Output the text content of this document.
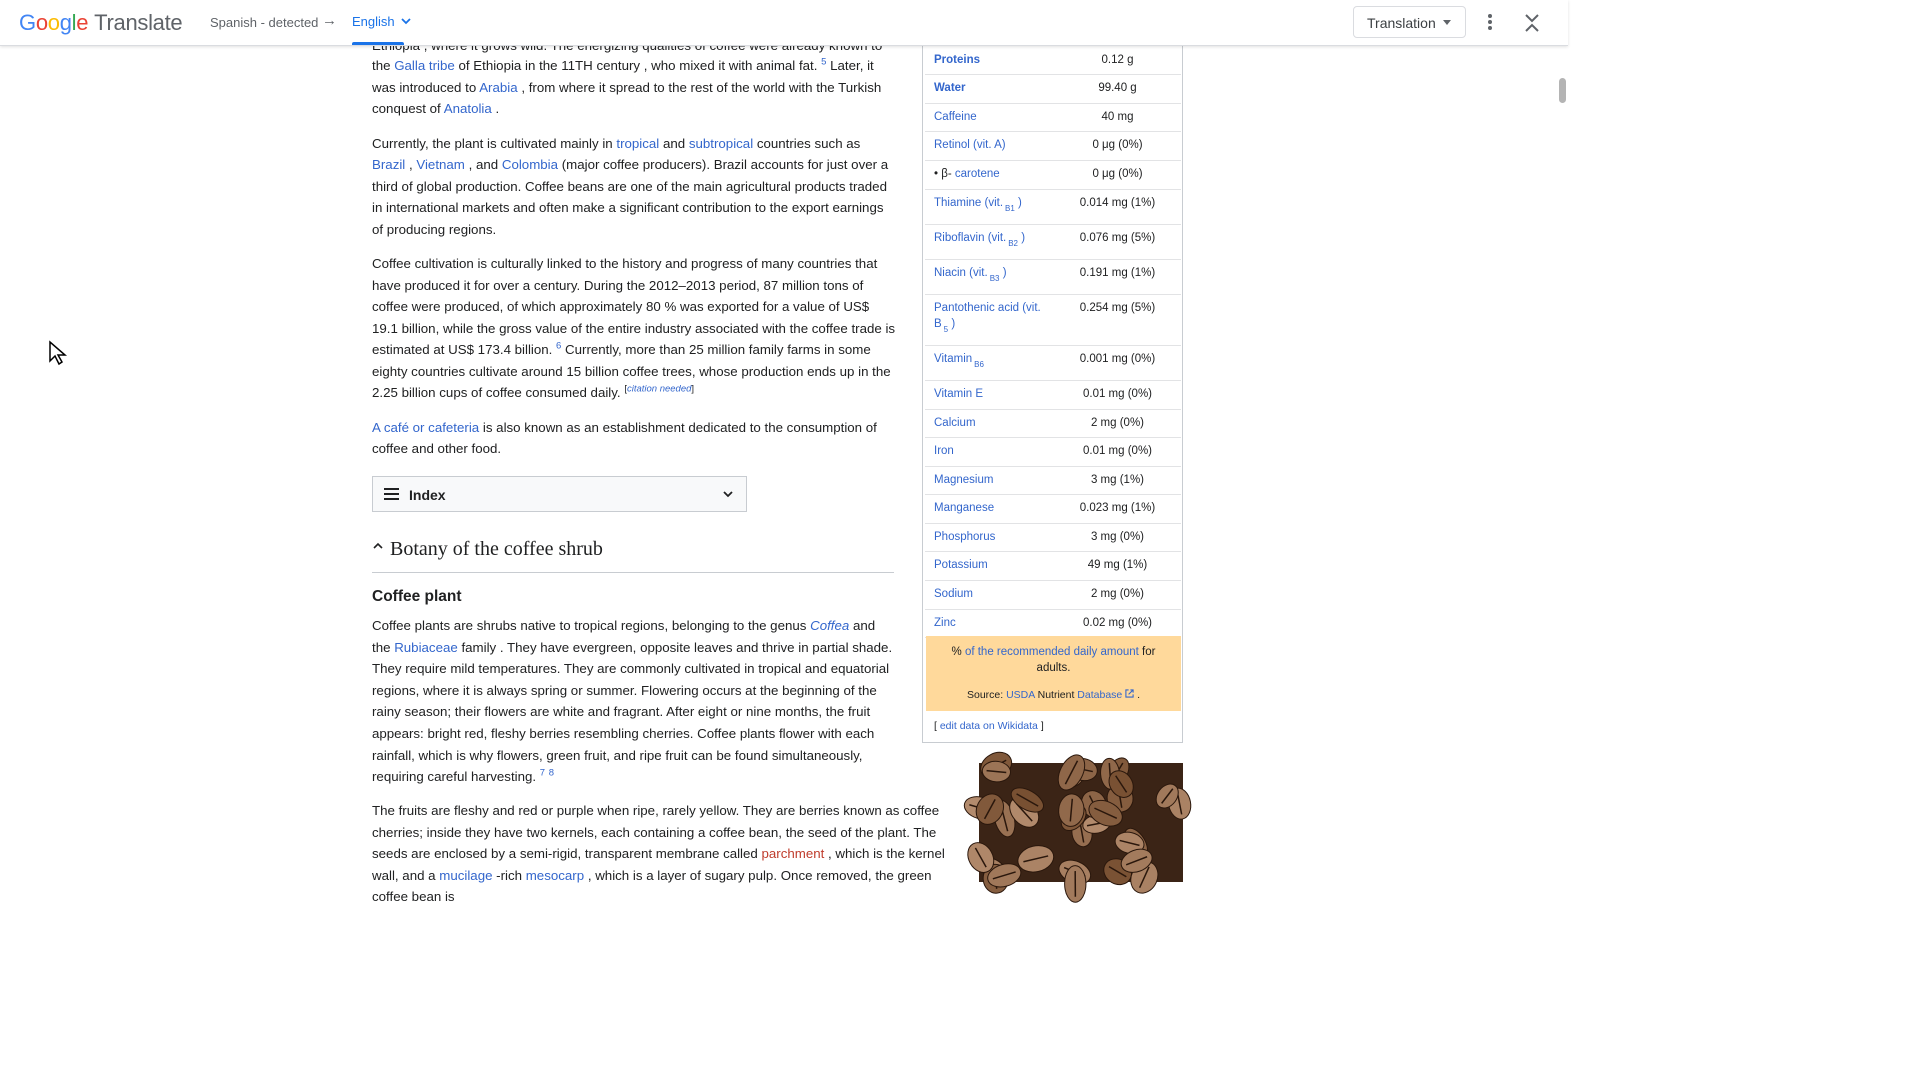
Google Translate Spanish - detected → English	Translation

the Galla tribe of Ethiopia in the 11TH century , who mixed it with animal fat. $^5$ Later, it was introduced to Arabia , from where it spread to the rest of the world with the Turkish conquest of Anatolia .

Currently, the plant is cultivated mainly in tropical and subtropical countries such as Brazil , Vietnam , and Colombia (major coffee producers). Brazil accounts for just over a third of global production. Coffee beans are one of the main agricultural products traded in international markets and often make a significant contribution to the export earnings of producing regions.

Coffee cultivation is culturally linked to the history and progress of many countries that have produced it for over a century. During the 2012–2013 period, 87 million tons of coffee were produced, of which approximately 80 % was exported for a value of US$ 19.1 billion, while the gross value of the entire industry associated with the coffee trade is estimated at US$ 173.4 billion. $^6$ Currently, more than 25 million family farms in some eighty countries cultivate around 15 billion coffee trees, whose production ends up in the 2.25 billion cups of coffee consumed daily. [citation needed]

A café or cafeteria is also known as an establishment dedicated to the consumption of coffee and other food.

Index
Botany of the coffee shrub
Coffee plant
Coffee plants are shrubs native to tropical regions, belonging to the genus Coffea and the Rubiaceae family . They have evergreen, opposite leaves and thrive in partial shade. They require mild temperatures. They are commonly cultivated in tropical and equatorial regions, where it is always spring or summer. Flowering occurs at the beginning of the rainy season; their flowers are white and fragrant. After eight or nine months, the fruit appears: bright red, fleshy berries resembling cherries. Coffee plants flower with each rainfall, which is why flowers, green fruit, and ripe fruit can be found simultaneously, requiring careful harvesting. $^7$ $^8$
The fruits are fleshy and red or purple when ripe, rarely yellow. They are berries known as coffee cherries; inside they have two kernels, each containing a coffee bean, the seed of the plant. The seeds are enclosed by a semi-rigid, transparent membrane called parchment , which is the kernel wall, and a mucilage -rich mesocarp , which is a layer of sugary pulp. Once removed, the green coffee bean is
Proteins	0.12 g
Water	99.40 g
Caffeine	40 mg
Retinol (vit. A)	0 μg (0%)
• β- carotene	0 μg (0%)
Thiamine (vit. $_{B1}$ )	0.014 mg (1%)
Riboflavin (vit. $_{B2}$ )	0.076 mg (5%)
Niacin (vit. $_{B3}$ )	0.191 mg (1%)
Pantothenic acid (vit.
B $_5$ )
0.254 mg (5%)
Vitamin $_{B6}$	0.001 mg (0%)
Vitamin E	0.01 mg (0%)
Calcium	2 mg (0%)
Iron	0.01 mg (0%)
Magnesium	3 mg (1%)
Manganese	0.023 mg (1%)
Phosphorus	3 mg (0%)
Potassium	49 mg (1%)
Sodium	2 mg (0%)
Zinc	0.02 mg (0%)
% of the recommended daily amount for adults.
Source: USDA Nutrient Database  .
[ edit data on Wikidata ]
